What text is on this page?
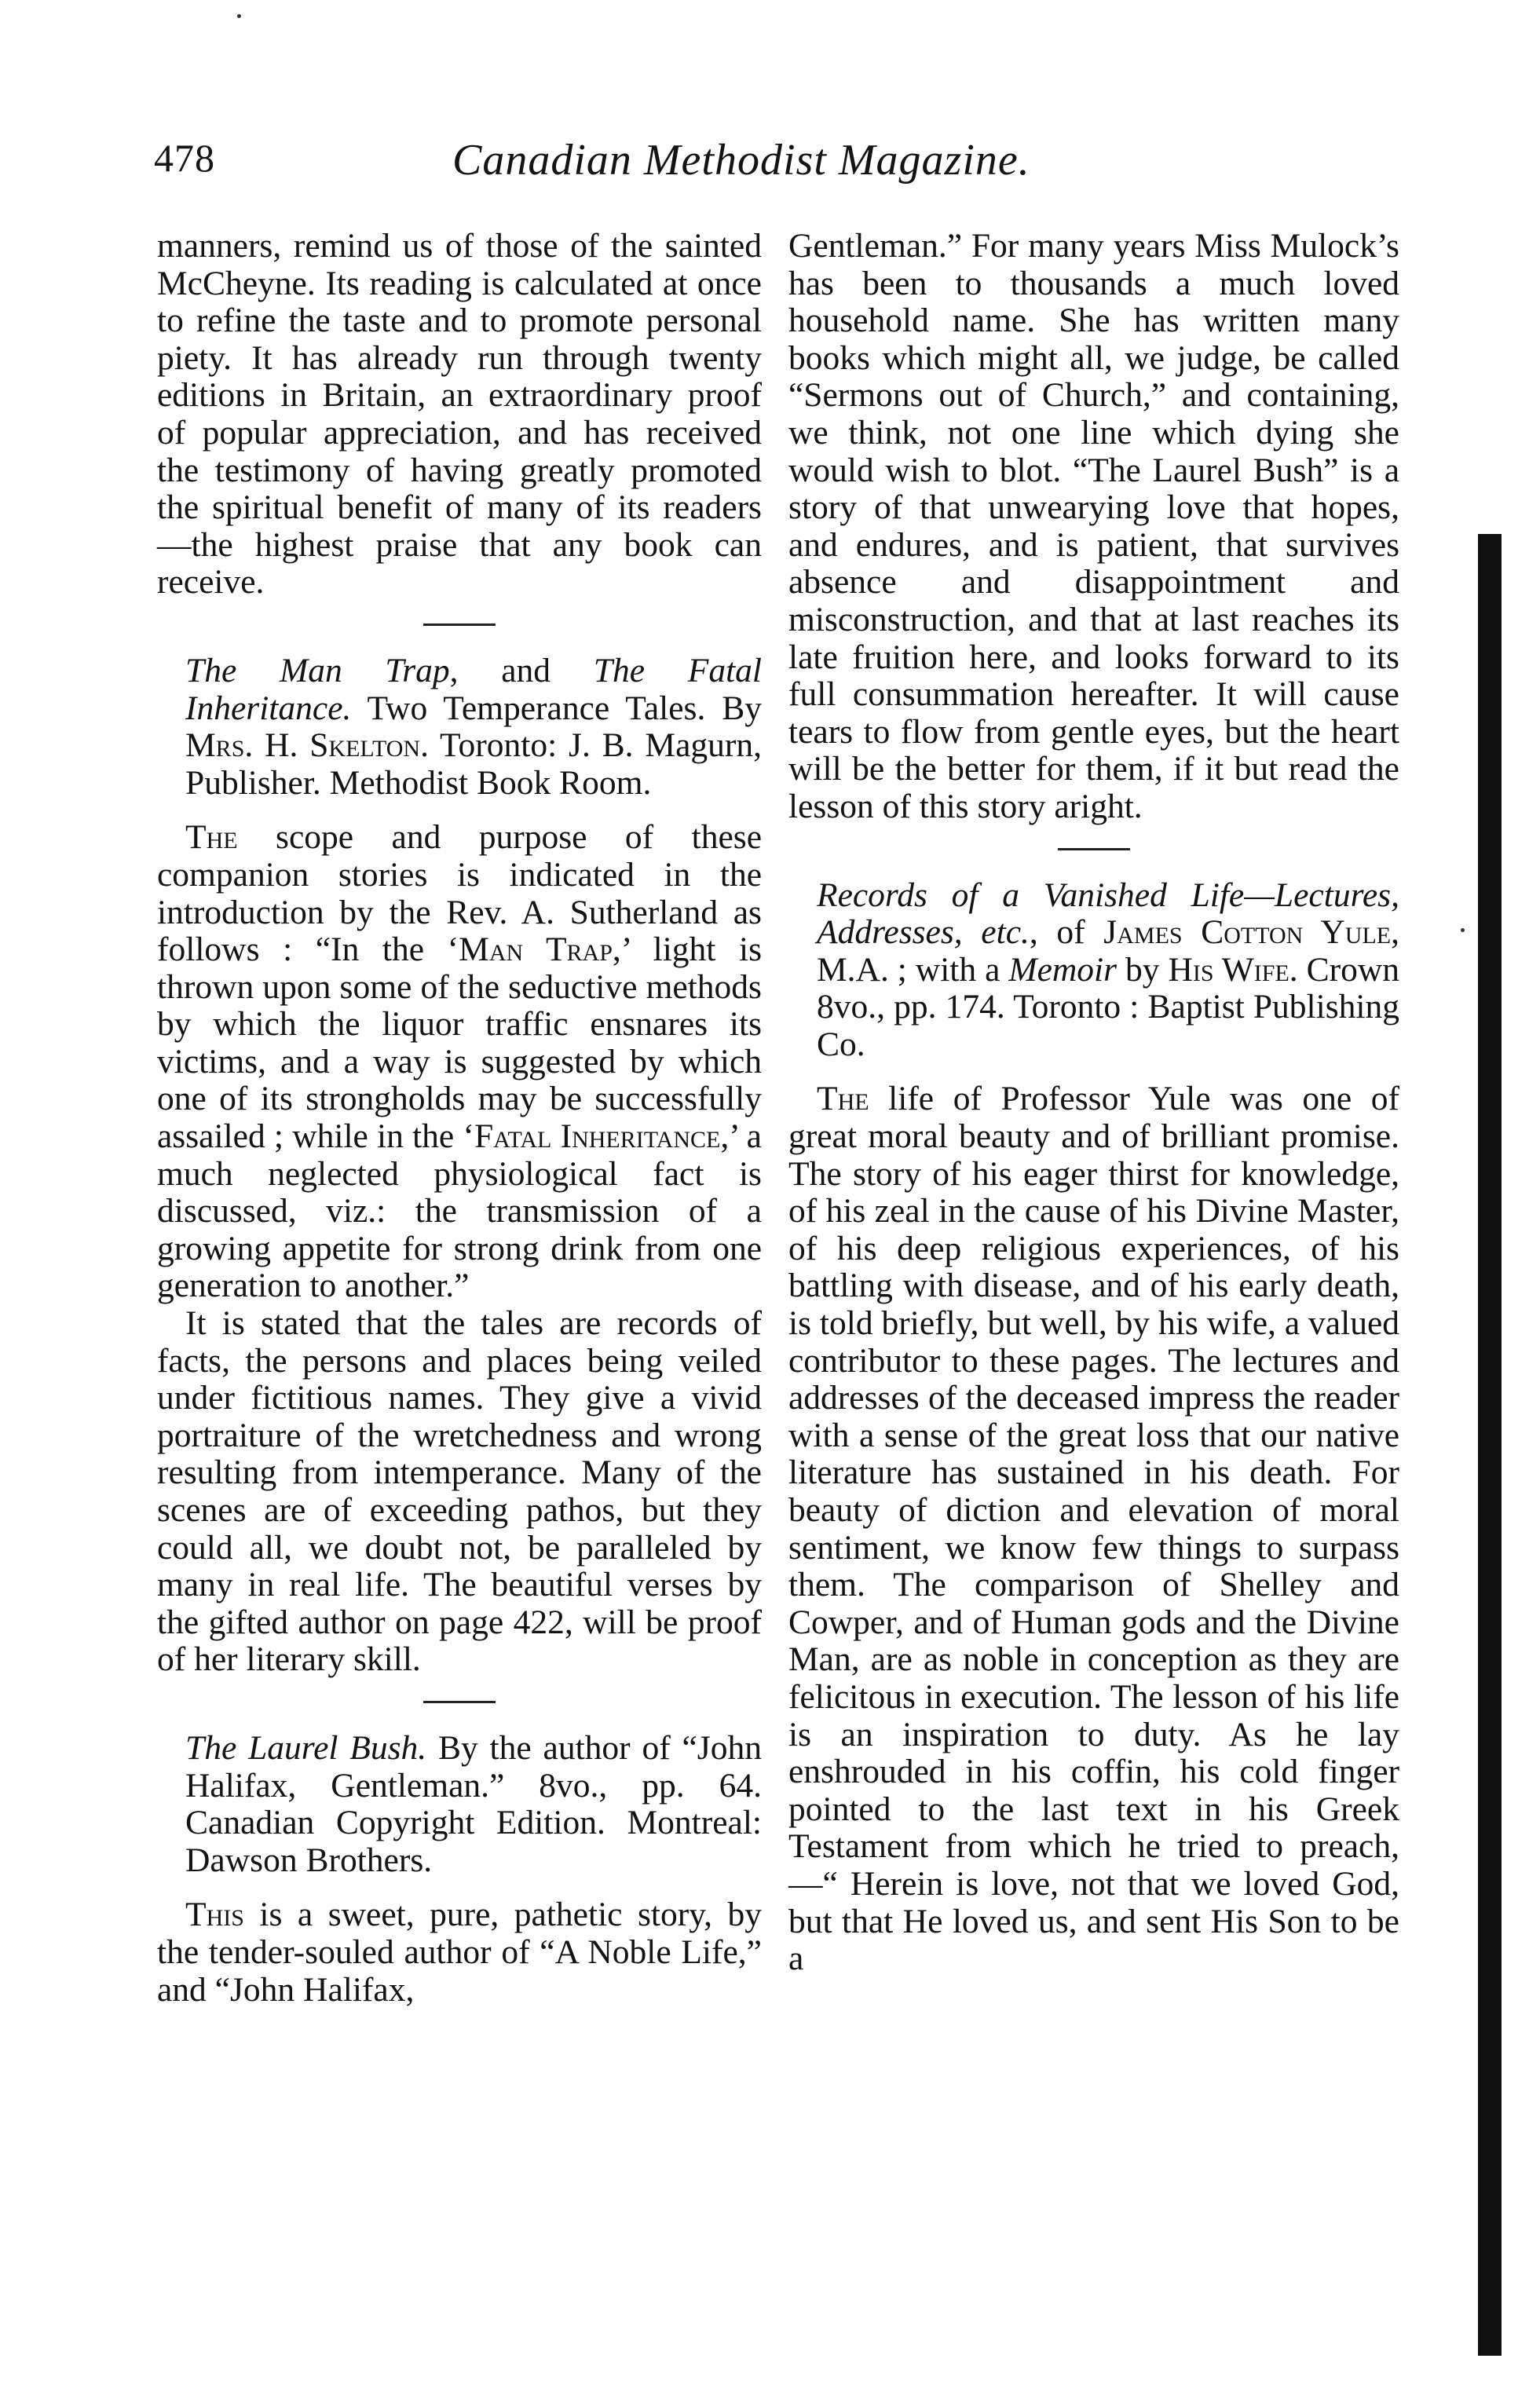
478	Canadian Methodist Magazine.

manners, remind us of those of the sainted McCheyne. Its reading is calculated at once to refine the taste and to promote personal piety. It has already run through twenty editions in Britain, an extraordinary proof of popular appreciation, and has received the testimony of having greatly promoted the spiritual benefit of many of its readers—the highest praise that any book can receive.

The Man Trap, and The Fatal Inheritance. Two Temperance Tales. By Mrs. H. Skelton. Toronto: J. B. Magurn, Publisher. Methodist Book Room.

The scope and purpose of these companion stories is indicated in the introduction by the Rev. A. Sutherland as follows : “In the ‘Man Trap,’ light is thrown upon some of the seductive methods by which the liquor traffic ensnares its victims, and a way is suggested by which one of its strongholds may be successfully assailed ; while in the ‘Fatal Inheritance,’ a much neglected physiological fact is discussed, viz.: the transmission of a growing appetite for strong drink from one generation to another.”

It is stated that the tales are records of facts, the persons and places being veiled under fictitious names. They give a vivid portraiture of the wretchedness and wrong resulting from intemperance. Many of the scenes are of exceeding pathos, but they could all, we doubt not, be paralleled by many in real life. The beautiful verses by the gifted author on page 422, will be proof of her literary skill.

The Laurel Bush. By the author of “John Halifax, Gentleman.” 8vo., pp. 64. Canadian Copyright Edition. Montreal: Dawson Brothers.

This is a sweet, pure, pathetic story, by the tender-souled author of “A Noble Life,” and “John Halifax,

Gentleman.” For many years Miss Mulock’s has been to thousands a much loved household name. She has written many books which might all, we judge, be called “Sermons out of Church,” and containing, we think, not one line which dying she would wish to blot. “The Laurel Bush” is a story of that unwearying love that hopes, and endures, and is patient, that survives absence and disappointment and misconstruction, and that at last reaches its late fruition here, and looks forward to its full consummation hereafter. It will cause tears to flow from gentle eyes, but the heart will be the better for them, if it but read the lesson of this story aright.

Records of a Vanished Life—Lectures, Addresses, etc., of James Cotton Yule, M.A. ; with a Memoir by His Wife. Crown 8vo., pp. 174. Toronto : Baptist Publishing Co.

The life of Professor Yule was one of great moral beauty and of brilliant promise. The story of his eager thirst for knowledge, of his zeal in the cause of his Divine Master, of his deep religious experiences, of his battling with disease, and of his early death, is told briefly, but well, by his wife, a valued contributor to these pages. The lectures and addresses of the deceased impress the reader with a sense of the great loss that our native literature has sustained in his death. For beauty of diction and elevation of moral sentiment, we know few things to surpass them. The comparison of Shelley and Cowper, and of Human gods and the Divine Man, are as noble in conception as they are felicitous in execution. The lesson of his life is an inspiration to duty. As he lay enshrouded in his coffin, his cold finger pointed to the last text in his Greek Testament from which he tried to preach,—“ Herein is love, not that we loved God, but that He loved us, and sent His Son to be a
